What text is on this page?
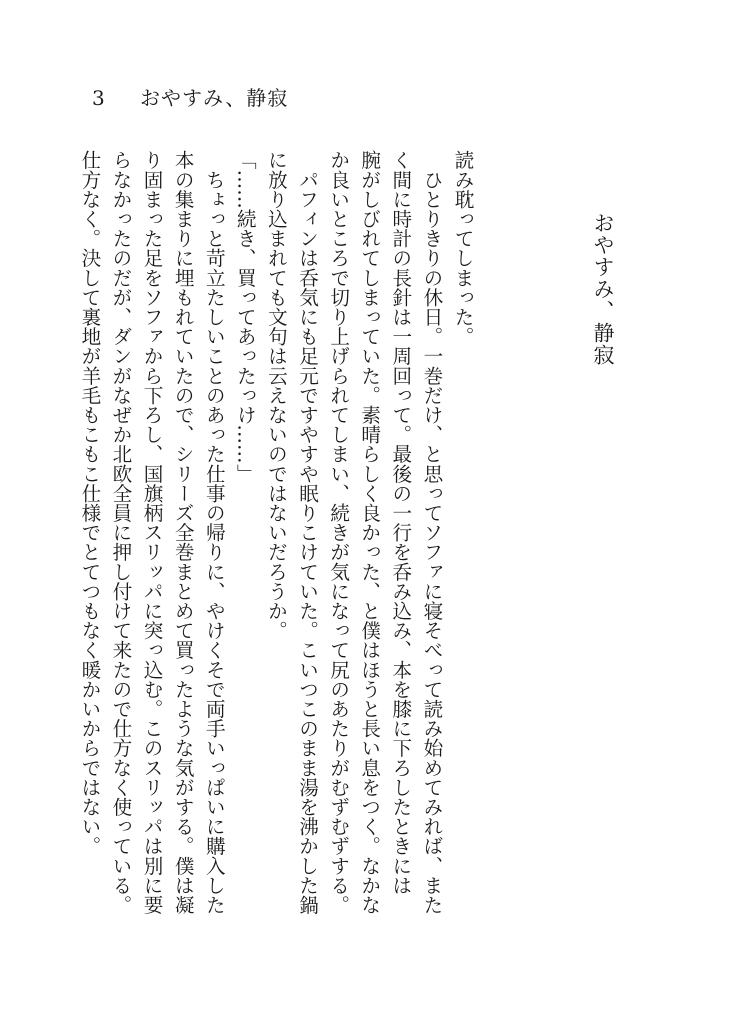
3 おやすみ、静寂
おやすみ、静寂

読み耽ってしまった。

　ひとりきりの休日。一巻だけ、と思ってソファに寝そべって読み始めてみれば、また

く間に時計の長針は一周回って。最後の一行を呑み込み、本を膝に下ろしたときには

腕がしびれてしまっていた。素晴らしく良かった、と僕はほうと長い息をつく。なかな

か良いところで切り上げられてしまい、続きが気になって尻のあたりがむずむずする。

　パフィンは呑気にも足元ですやすや眠りこけていた。こいつこのまま湯を沸かした鍋

に放り込まれても文句は云えないのではないだろうか。

「……続き、買ってあったっけ……」

　ちょっと苛立たしいことのあった仕事の帰りに、やけくそで両手いっぱいに購入した

本の集まりに埋もれていたので、シリーズ全巻まとめて買ったような気がする。僕は凝

り固まった足をソファから下ろし、国旗柄スリッパに突っ込む。このスリッパは別に要

らなかったのだが、ダンがなぜか北欧全員に押し付けて来たので仕方なく使っている。

仕方なく。決して裏地が羊毛もこもこ仕様でとてつもなく暖かいからではない。
